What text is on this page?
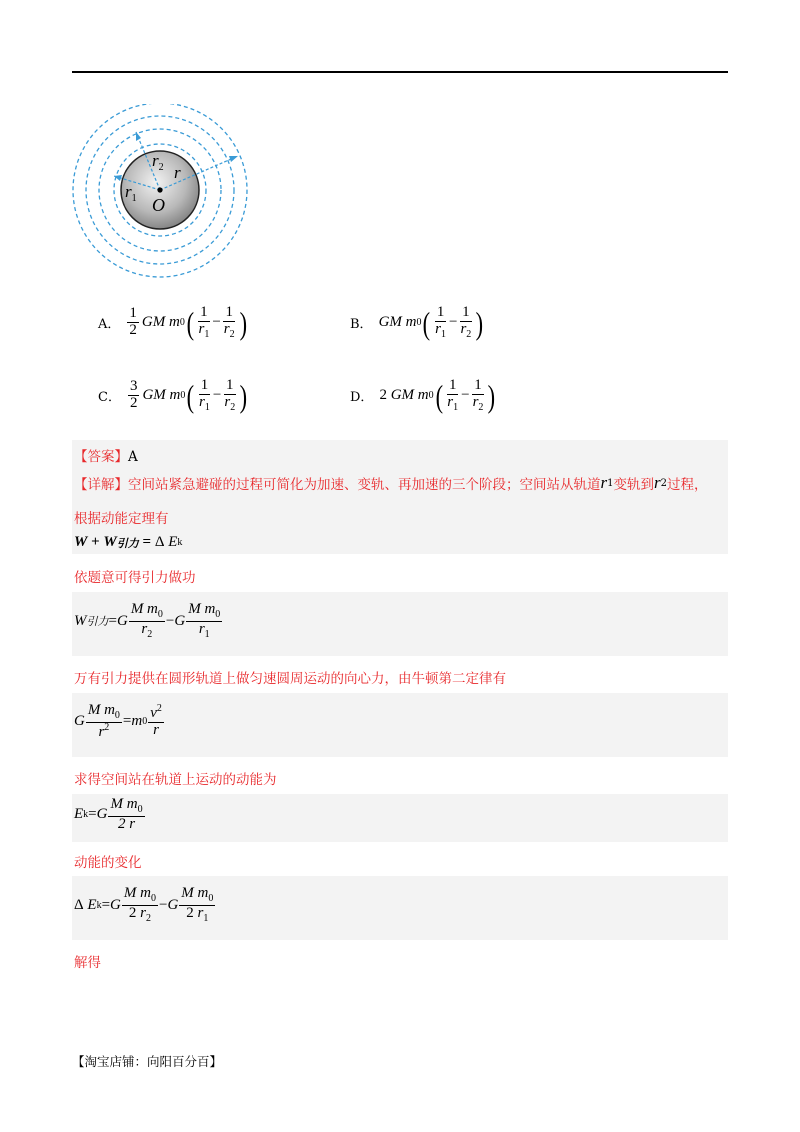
$r_1$
$r_2$ r
O
A． $\frac{1}{2}$ GM
m 0 ( $\frac{1}{r_1} - \frac{1}{r_2}$ )	B． GM
m 0 ( $\frac{1}{r_1} - \frac{1}{r_2}$ )
C． $\frac{3}{2}$ GM
m 0 ( $\frac{1}{r_1} - \frac{1}{r_2}$ )	D． 2
GM
m 0 ( $\frac{1}{r_1} - \frac{1}{r_2}$ )
【答案】A
【详解】 空间站紧急避碰的过程可简化为加速、变轨、再加速的三个阶段；空间站从轨道 r 1 变轨到 r 2 过程，
根据动能定理有
W
+
W 引力
=
Δ
E k
依题意可得引力做功
W 引力 = G $\frac{M m_0}{r_2} - G \frac{M m_0}{r_1}$
万有引力提供在圆形轨道上做匀速圆周运动的向心力，由牛顿第二定律有
G $\frac{M m_0}{r^2} = m$ $0 \frac{v^2}{r}$
求得空间站在轨道上运动的动能为
E k = G $\frac{M m_0}{2 r}$
动能的变化
Δ
E k = G $\frac{M m_0}{2 r_2} - G \frac{M m_0}{2 r_1}$
解得
【淘宝店铺：向阳百分百】
